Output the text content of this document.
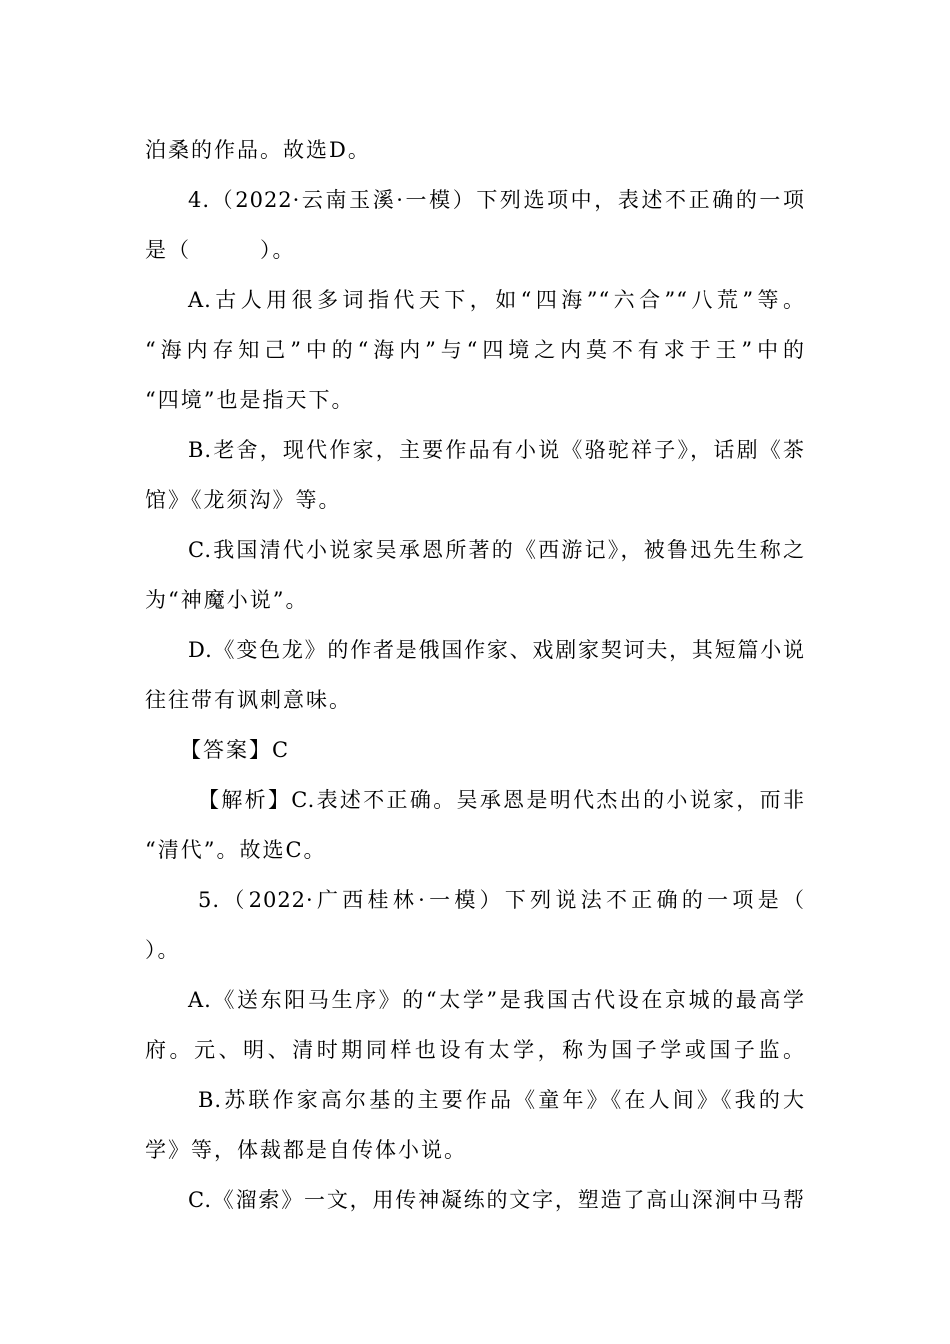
泊桑的作品。故选D。
4.（2022·云南玉溪·一模）下列选项中，表述不正确的一项
是（　　　）。
A.古人用很多词指代天下，如“四海”“六合”“八荒”等。
“海内存知己”中的“海内”与“四境之内莫不有求于王”中的
“四境”也是指天下。
B.老舍，现代作家，主要作品有小说《骆驼祥子》，话剧《茶
馆》《龙须沟》等。
C.我国清代小说家吴承恩所著的《西游记》，被鲁迅先生称之
为“神魔小说”。
D.《变色龙》的作者是俄国作家、戏剧家契诃夫，其短篇小说
往往带有讽刺意味。
【答案】C
【解析】C.表述不正确。吴承恩是明代杰出的小说家，而非
“清代”。故选C。
5.（2022·广西桂林·一模）下列说法不正确的一项是（
）。
A.《送东阳马生序》的“太学”是我国古代设在京城的最高学
府。元、明、清时期同样也设有太学，称为国子学或国子监。
B.苏联作家高尔基的主要作品《童年》《在人间》《我的大
学》等，体裁都是自传体小说。
C.《溜索》一文，用传神凝练的文字，塑造了高山深涧中马帮
